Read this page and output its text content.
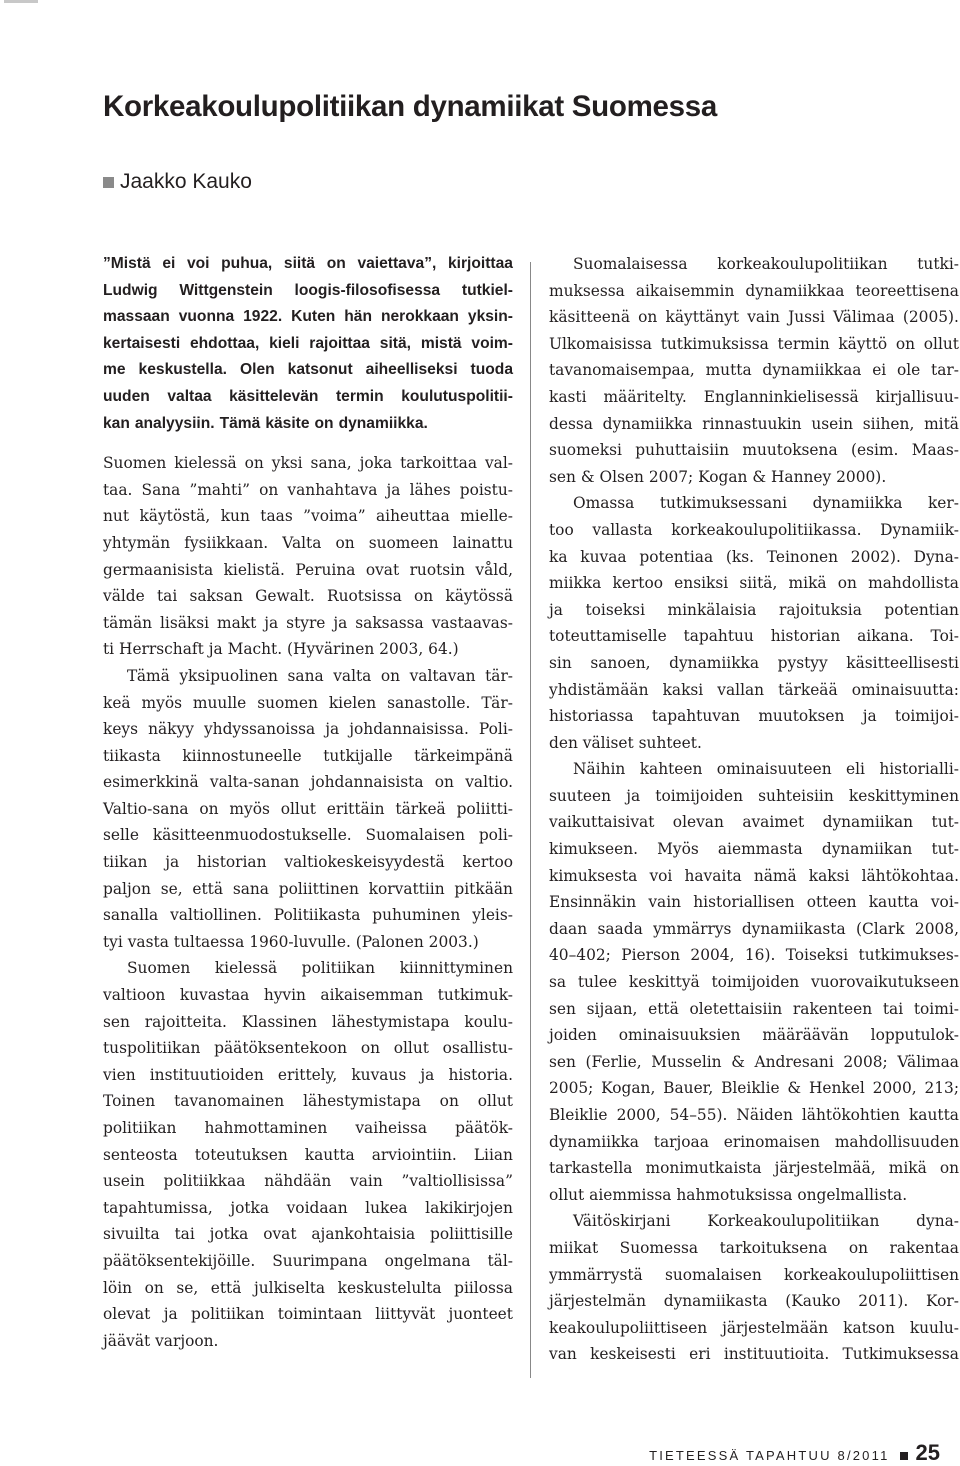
Korkeakoulupolitiikan dynamiikat Suomessa
Jaakko Kauko
”Mistä ei voi puhua, siitä on vaiettava”, kirjoittaa
Ludwig Wittgenstein loogis-filosofisessa tutkiel-
massaan vuonna 1922. Kuten hän nerokkaan yksin-
kertaisesti ehdottaa, kieli rajoittaa sitä, mistä voim-
me keskustella. Olen katsonut aiheelliseksi tuoda
uuden valtaa käsittelevän termin koulutuspolitii-
kan analyysiin. Tämä käsite on dynamiikka.
Suomen kielessä on yksi sana, joka tarkoittaa val-
taa. Sana ”mahti” on vanhahtava ja lähes poistu-
nut käytöstä, kun taas ”voima” aiheuttaa mielle-
yhtymän fysiikkaan. Valta on suomeen lainattu
germaanisista kielistä. Peruina ovat ruotsin våld,
välde tai saksan Gewalt. Ruotsissa on käytössä
tämän lisäksi makt ja styre ja saksassa vastaavas-
ti Herrschaft ja Macht. (Hyvärinen 2003, 64.)
Tämä yksipuolinen sana valta on valtavan tär-
keä myös muulle suomen kielen sanastolle. Tär-
keys näkyy yhdyssanoissa ja johdannaisissa. Poli-
tiikasta kiinnostuneelle tutkijalle tärkeimpänä
esimerkkinä valta-sanan johdannaisista on valtio.
Valtio-sana on myös ollut erittäin tärkeä poliitti-
selle käsitteenmuodostukselle. Suomalaisen poli-
tiikan ja historian valtiokeskeisyydestä kertoo
paljon se, että sana poliittinen korvattiin pitkään
sanalla valtiollinen. Politiikasta puhuminen yleis-
tyi vasta tultaessa 1960-luvulle. (Palonen 2003.)
Suomen kielessä politiikan kiinnittyminen
valtioon kuvastaa hyvin aikaisemman tutkimuk-
sen rajoitteita. Klassinen lähestymistapa koulu-
tuspolitiikan päätöksentekoon on ollut osallistu-
vien instituutioiden erittely, kuvaus ja historia.
Toinen tavanomainen lähestymistapa on ollut
politiikan hahmottaminen vaiheissa päätök-
senteosta toteutuksen kautta arviointiin. Liian
usein politiikkaa nähdään vain ”valtiollisissa”
tapahtumissa, jotka voidaan lukea lakikirjojen
sivuilta tai jotka ovat ajankohtaisia poliittisille
päätöksentekijöille. Suurimpana ongelmana täl-
löin on se, että julkiselta keskustelulta piilossa
olevat ja politiikan toimintaan liittyvät juonteet
jäävät varjoon.
Suomalaisessa korkeakoulupolitiikan tutki-
muksessa aikaisemmin dynamiikkaa teoreettisena
käsitteenä on käyttänyt vain Jussi Välimaa (2005).
Ulkomaisissa tutkimuksissa termin käyttö on ollut
tavanomaisempaa, mutta dynamiikkaa ei ole tar-
kasti määritelty. Englanninkielisessä kirjallisuu-
dessa dynamiikka rinnastuukin usein siihen, mitä
suomeksi puhuttaisiin muutoksena (esim. Maas-
sen & Olsen 2007; Kogan & Hanney 2000).
Omassa tutkimuksessani dynamiikka ker-
too vallasta korkeakoulupolitiikassa. Dynamiik-
ka kuvaa potentiaa (ks. Teinonen 2002). Dyna-
miikka kertoo ensiksi siitä, mikä on mahdollista
ja toiseksi minkälaisia rajoituksia potentian
toteuttamiselle tapahtuu historian aikana. Toi-
sin sanoen, dynamiikka pystyy käsitteellisesti
yhdistämään kaksi vallan tärkeää ominaisuutta:
historiassa tapahtuvan muutoksen ja toimijoi-
den väliset suhteet.
Näihin kahteen ominaisuuteen eli historialli-
suuteen ja toimijoiden suhteisiin keskittyminen
vaikuttaisivat olevan avaimet dynamiikan tut-
kimukseen. Myös aiemmasta dynamiikan tut-
kimuksesta voi havaita nämä kaksi lähtökohtaa.
Ensinnäkin vain historiallisen otteen kautta voi-
daan saada ymmärrys dynamiikasta (Clark 2008,
40–402; Pierson 2004, 16). Toiseksi tutkimukses-
sa tulee keskittyä toimijoiden vuorovaikutukseen
sen sijaan, että oletettaisiin rakenteen tai toimi-
joiden ominaisuuksien määräävän lopputulok-
sen (Ferlie, Musselin & Andresani 2008; Välimaa
2005; Kogan, Bauer, Bleiklie & Henkel 2000, 213;
Bleiklie 2000, 54–55). Näiden lähtökohtien kautta
dynamiikka tarjoaa erinomaisen mahdollisuuden
tarkastella monimutkaista järjestelmää, mikä on
ollut aiemmissa hahmotuksissa ongelmallista.
Väitöskirjani Korkeakoulupolitiikan dyna-
miikat Suomessa tarkoituksena on rakentaa
ymmärrystä suomalaisen korkeakoulupoliittisen
järjestelmän dynamiikasta (Kauko 2011). Kor-
keakoulupoliittiseen järjestelmään katson kuulu-
van keskeisesti eri instituutioita. Tutkimuksessa
TIETEESSÄ TAPAHTUU 8/2011 25
